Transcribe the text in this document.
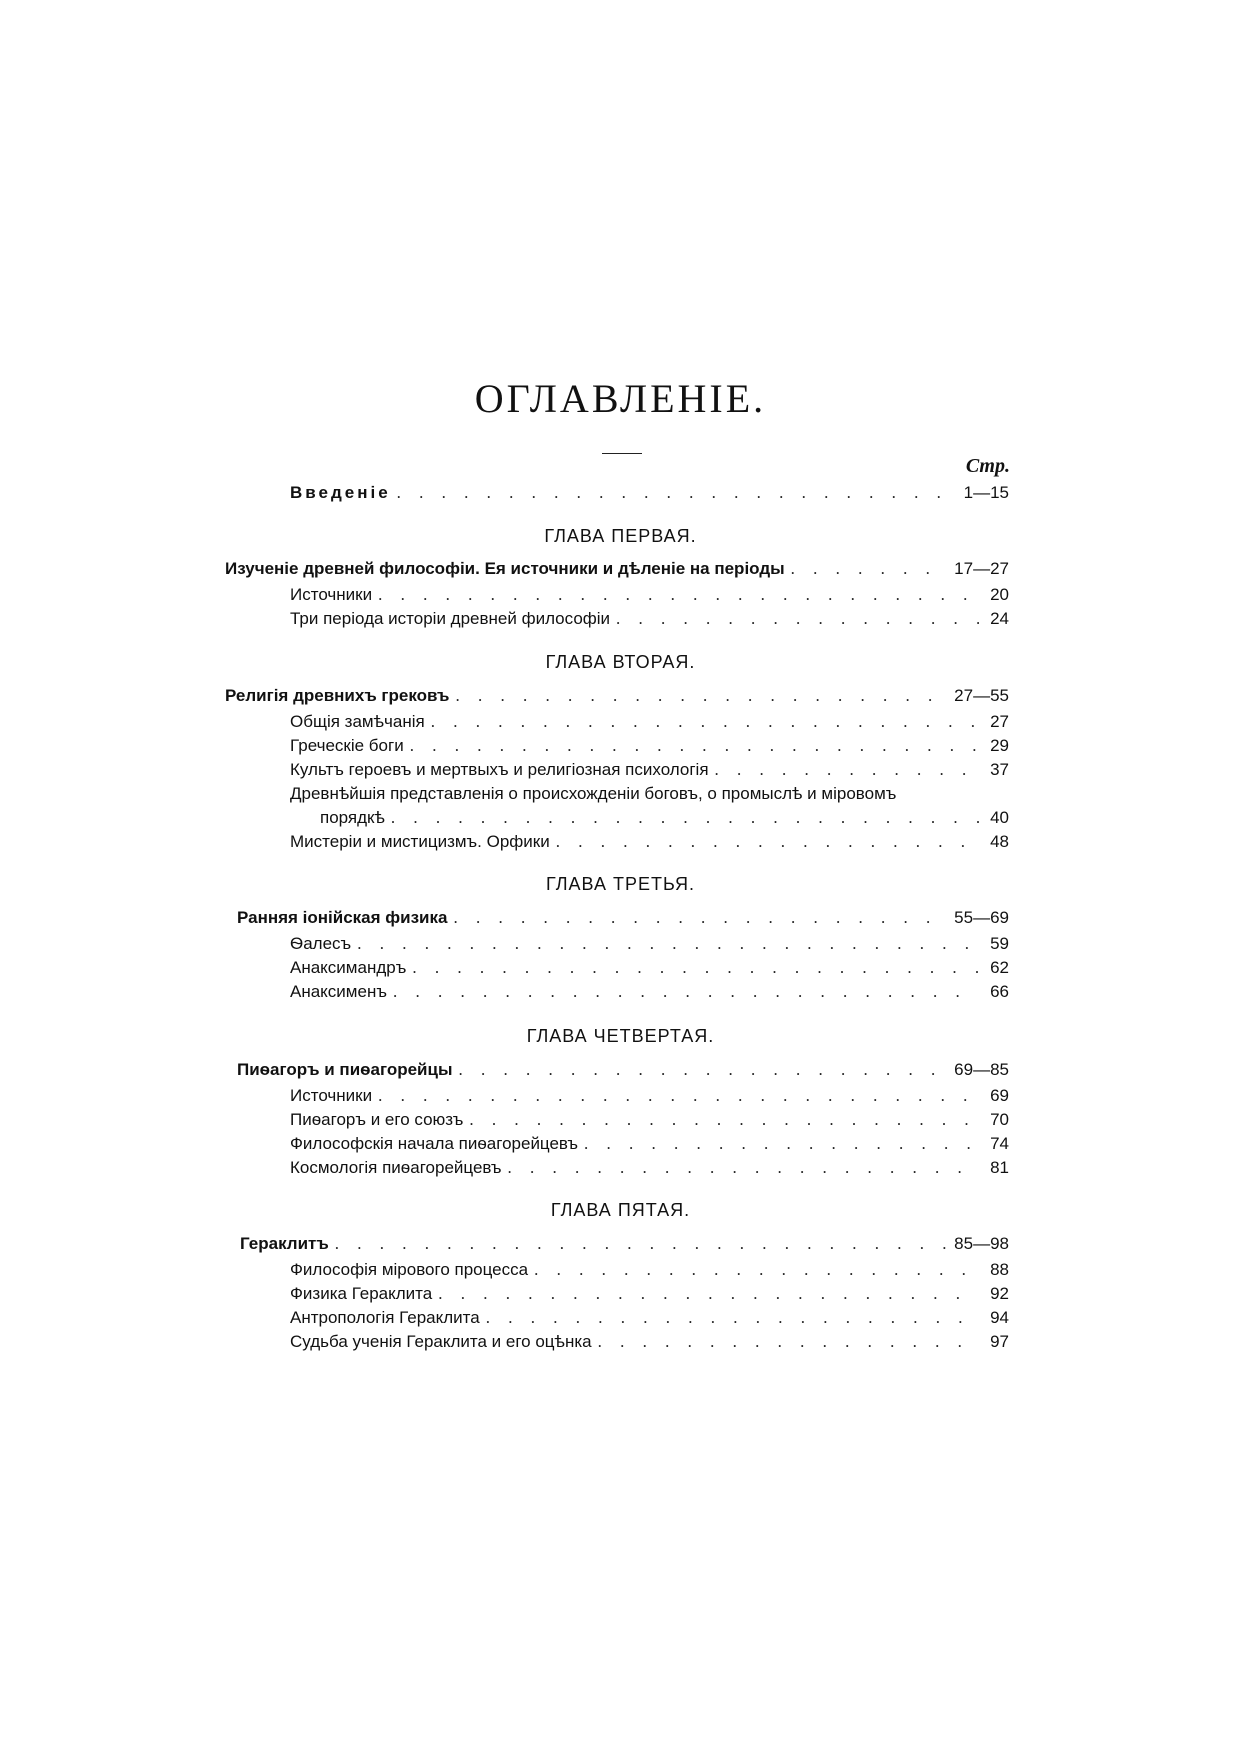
ОГЛАВЛЕНІЕ.
Стр.
Введеніе . . .	1—15
ГЛАВА ПЕРВАЯ.
Изученіе древней философіи. Ея источники и дѣленіе на періоды . . .	17—27
Источники . . .	20
Три періода исторіи древней философіи . . .	24
ГЛАВА ВТОРАЯ.
Религія древнихъ грековъ . . .	27—55
Общія замѣчанія . . .	27
Греческіе боги . . .	29
Культъ героевъ и мертвыхъ и религіозная психологія . . .	37
Древнѣйшія представленія о происхожденіи боговъ, о промыслѣ и міровомъ
порядкѣ . . .	40
Мистеріи и мистицизмъ. Орфики . . .	48
ГЛАВА ТРЕТЬЯ.
Ранняя іонійская физика . . .	55—69
Ѳалесъ . . .	59
Анаксимандръ . . .	62
Анаксименъ . . .	66
ГЛАВА ЧЕТВЕРТАЯ.
Пиѳагоръ и пиѳагорейцы . . .	69—85
Источники . . .	69
Пиѳагоръ и его союзъ . . .	70
Философскія начала пиѳагорейцевъ . . .	74
Космологія пиѳагорейцевъ . . .	81
ГЛАВА ПЯТАЯ.
Гераклитъ . . .	85—98
Философія мірового процесса . . .	88
Физика Гераклита . . .	92
Антропологія Гераклита . . .	94
Судьба ученія Гераклита и его оцѣнка . . .	97
